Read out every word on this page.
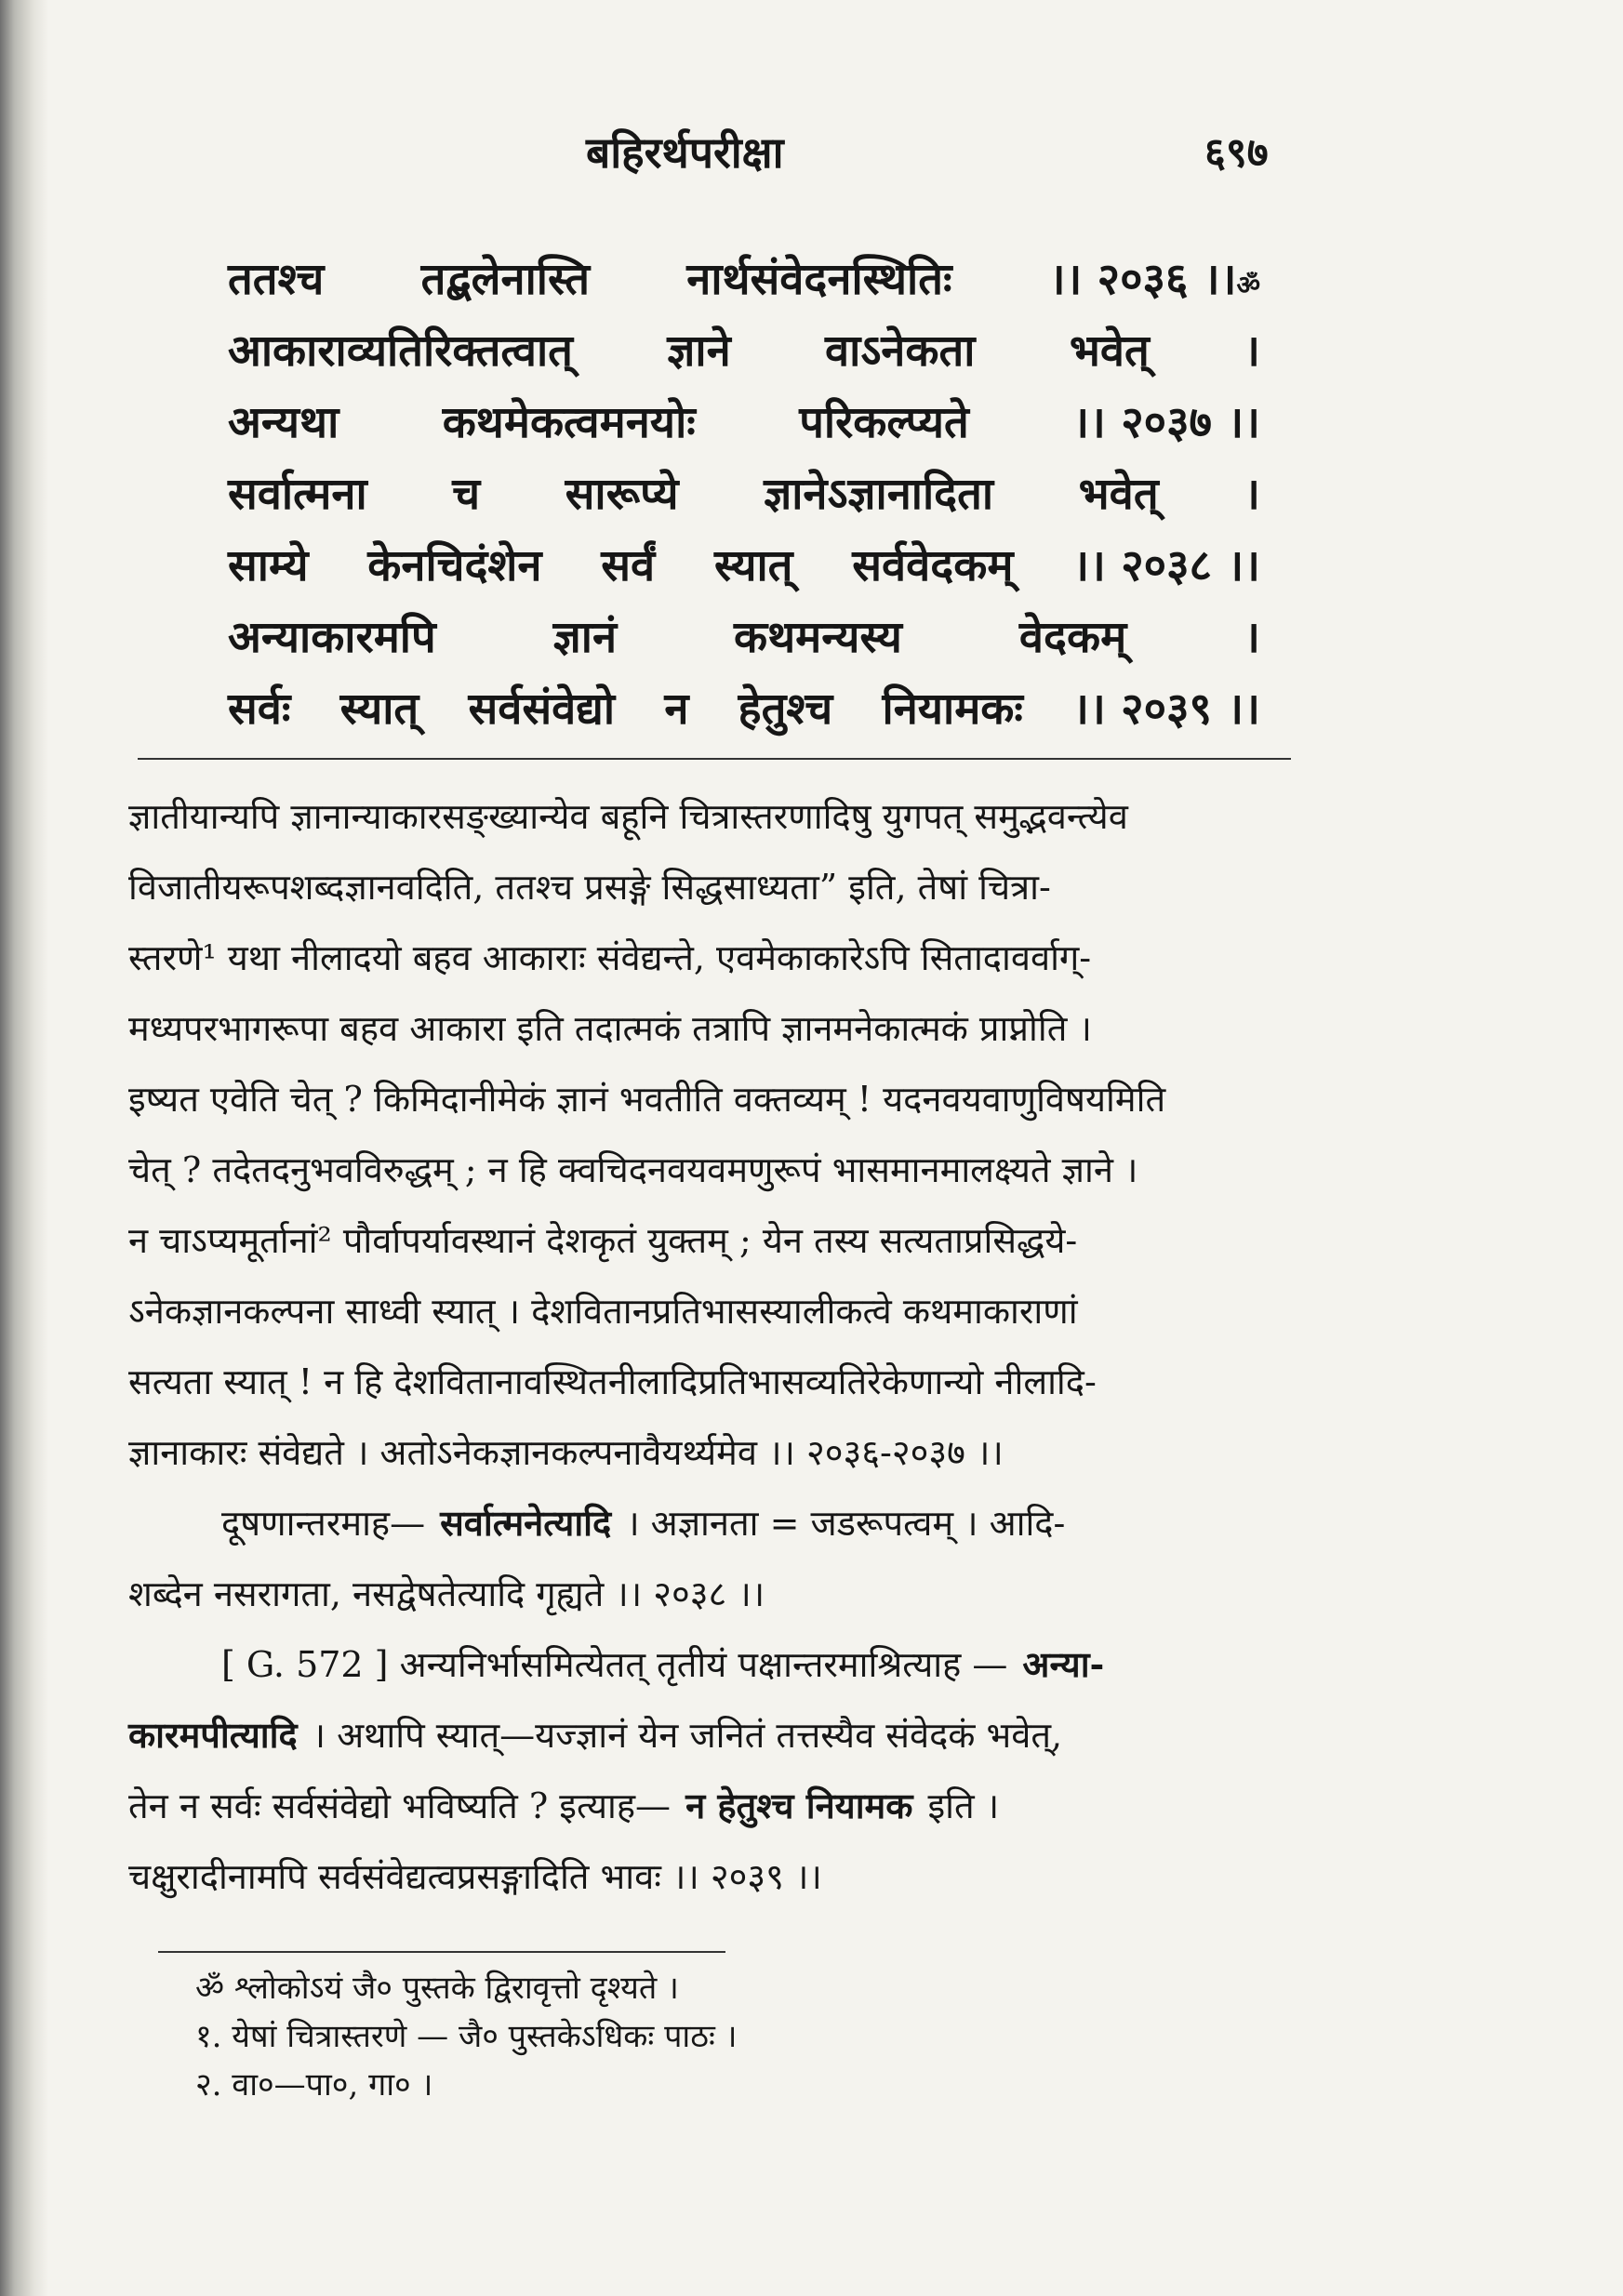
बहिरर्थपरीक्षा	६९७
ततश्च तद्बलेनास्ति नार्थसंवेदनस्थितिः ।। २०३६ ।।ॐ
आकाराव्यतिरिक्तत्वात् ज्ञाने वाऽनेकता भवेत् ।
अन्यथा कथमेकत्वमनयोः परिकल्प्यते ।। २०३७ ।।
सर्वात्मना च सारूप्ये ज्ञानेऽज्ञानादिता भवेत् ।
साम्ये केनचिदंशेन सर्वं स्यात् सर्ववेदकम् ।। २०३८ ।।
अन्याकारमपि	ज्ञानं	कथमन्यस्य	वेदकम्	।
सर्वः स्यात् सर्वसंवेद्यो न हेतुश्च नियामकः ।। २०३९ ।।
ज्ञातीयान्यपि ज्ञानान्याकारसङ्ख्यान्येव बहूनि चित्रास्तरणादिषु युगपत् समुद्भवन्त्येव
विजातीयरूपशब्दज्ञानवदिति, ततश्च प्रसङ्गे सिद्धसाध्यता” इति, तेषां चित्रा-
स्तरणे¹ यथा नीलादयो बहव आकाराः संवेद्यन्ते, एवमेकाकारेऽपि सितादावर्वाग्-
मध्यपरभागरूपा बहव आकारा इति तदात्मकं तत्रापि ज्ञानमनेकात्मकं प्राप्नोति ।
इष्यत एवेति चेत् ? किमिदानीमेकं ज्ञानं भवतीति वक्तव्यम् ! यदनवयवाणुविषयमिति
चेत् ? तदेतदनुभवविरुद्धम् ; न हि क्वचिदनवयवमणुरूपं भासमानमालक्ष्यते ज्ञाने ।
न चाऽप्यमूर्तानां² पौर्वापर्यावस्थानं देशकृतं युक्तम् ; येन तस्य सत्यताप्रसिद्धये-
ऽनेकज्ञानकल्पना साध्वी स्यात् । देशवितानप्रतिभासस्यालीकत्वे कथमाकाराणां
सत्यता स्यात् ! न हि देशवितानावस्थितनीलादिप्रतिभासव्यतिरेकेणान्यो नीलादि-
ज्ञानाकारः संवेद्यते । अतोऽनेकज्ञानकल्पनावैयर्थ्यमेव ।। २०३६-२०३७ ।।
दूषणान्तरमाह— सर्वात्मनेत्यादि । अज्ञानता = जडरूपत्वम् । आदि-
शब्देन नसरागता, नसद्वेषतेत्यादि गृह्यते ।। २०३८ ।।
[ G. 572 ] अन्यनिर्भासमित्येतत् तृतीयं पक्षान्तरमाश्रित्याह — अन्या-
कारमपीत्यादि । अथापि स्यात्—यज्ज्ञानं येन जनितं तत्तस्यैव संवेदकं भवेत्,
तेन न सर्वः सर्वसंवेद्यो भविष्यति ? इत्याह— न हेतुश्च नियामक इति ।
चक्षुरादीनामपि सर्वसंवेद्यत्वप्रसङ्गादिति भावः ।। २०३९ ।।
ॐ श्लोकोऽयं जै० पुस्तके द्विरावृत्तो दृश्यते ।
१. येषां चित्रास्तरणे — जै० पुस्तकेऽधिकः पाठः ।
२. वा०—पा०, गा० ।
